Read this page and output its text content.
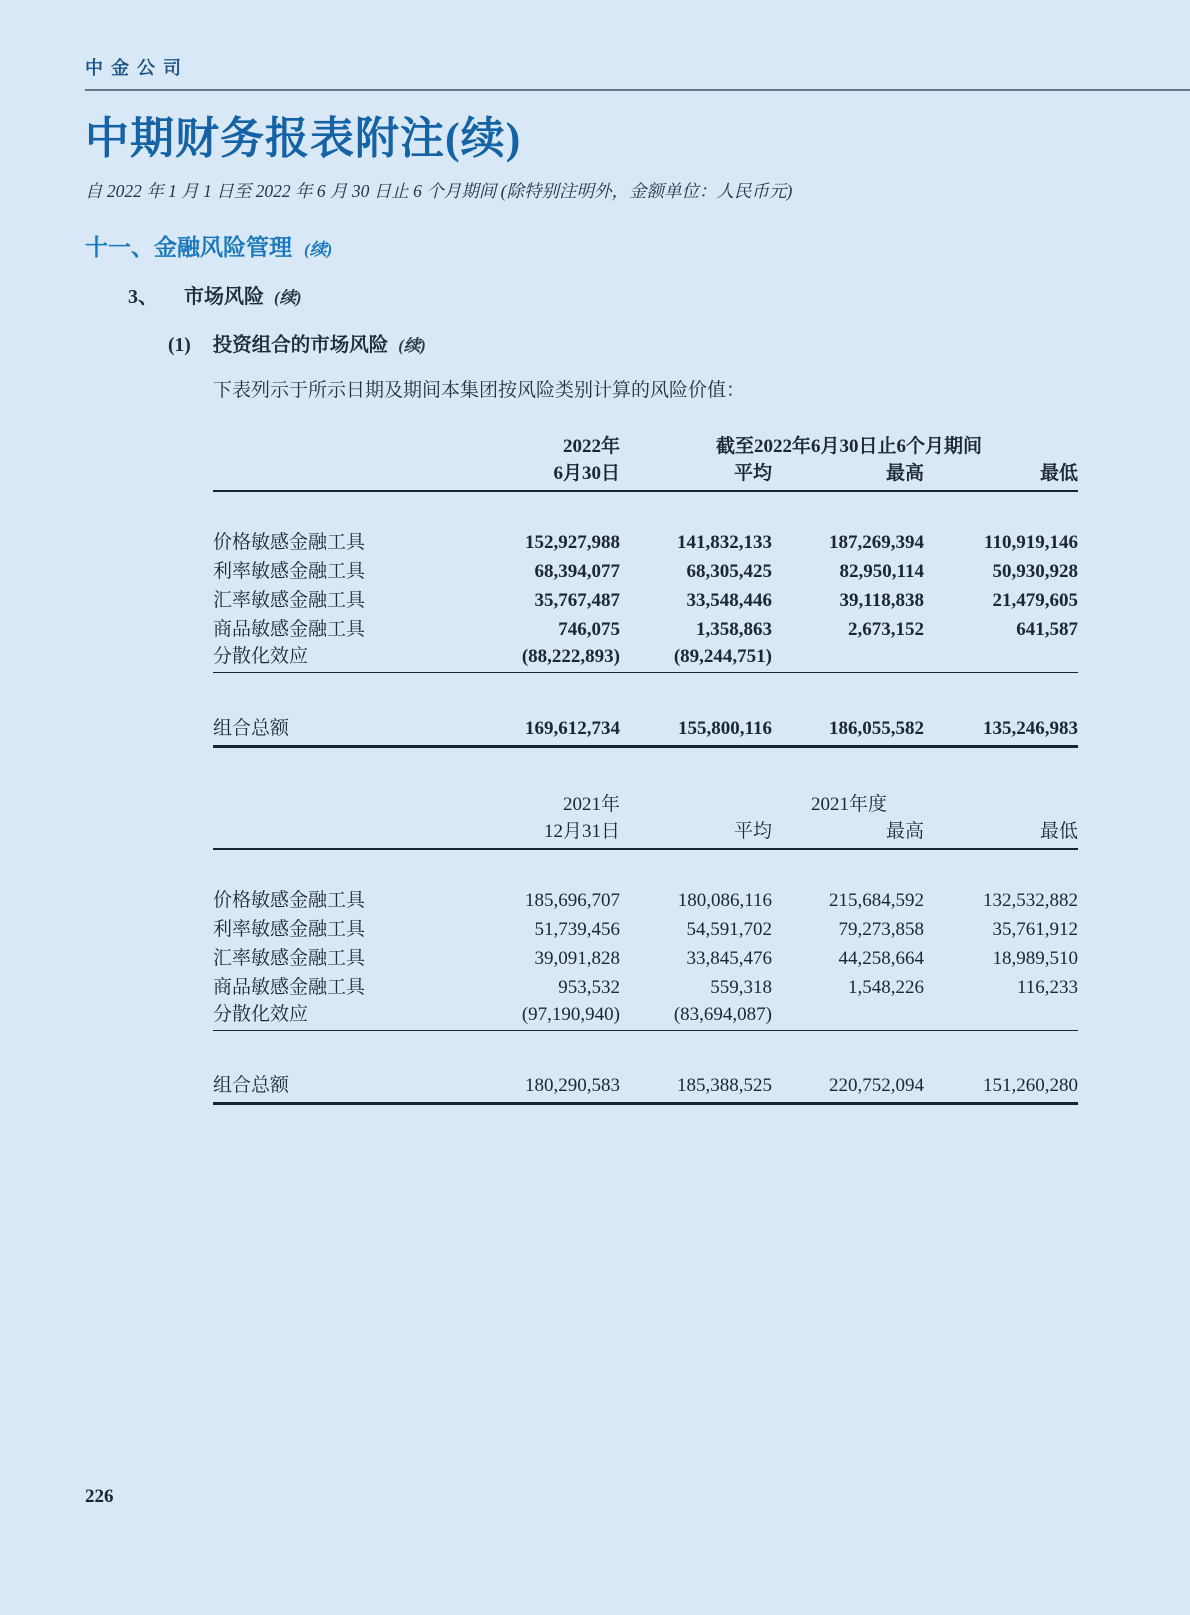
中金公司
中期财务报表附注(续)

自 2022 年 1 月 1 日至 2022 年 6 月 30 日止 6 个月期间 (除特别注明外，金额单位：人民币元)

十一、金融风险管理 (续)
3、 市场风险 (续)
(1) 投资组合的市场风险 (续)

下表列示于所示日期及期间本集团按风险类别计算的风险价值：

	2022年	截至2022年6月30日止6个月期间		
	6月30日	平均	最高	最低

价格敏感金融工具	152,927,988	141,832,133	187,269,394	110,919,146
利率敏感金融工具	68,394,077	68,305,425	82,950,114	50,930,928
汇率敏感金融工具	35,767,487	33,548,446	39,118,838	21,479,605
商品敏感金融工具	746,075	1,358,863	2,673,152	641,587
分散化效应	(88,222,893)	(89,244,751)		

组合总额	169,612,734	155,800,116	186,055,582	135,246,983
	2021年	2021年度		
	12月31日	平均	最高	最低

价格敏感金融工具	185,696,707	180,086,116	215,684,592	132,532,882
利率敏感金融工具	51,739,456	54,591,702	79,273,858	35,761,912
汇率敏感金融工具	39,091,828	33,845,476	44,258,664	18,989,510
商品敏感金融工具	953,532	559,318	1,548,226	116,233
分散化效应	(97,190,940)	(83,694,087)		

组合总额	180,290,583	185,388,525	220,752,094	151,260,280
226
